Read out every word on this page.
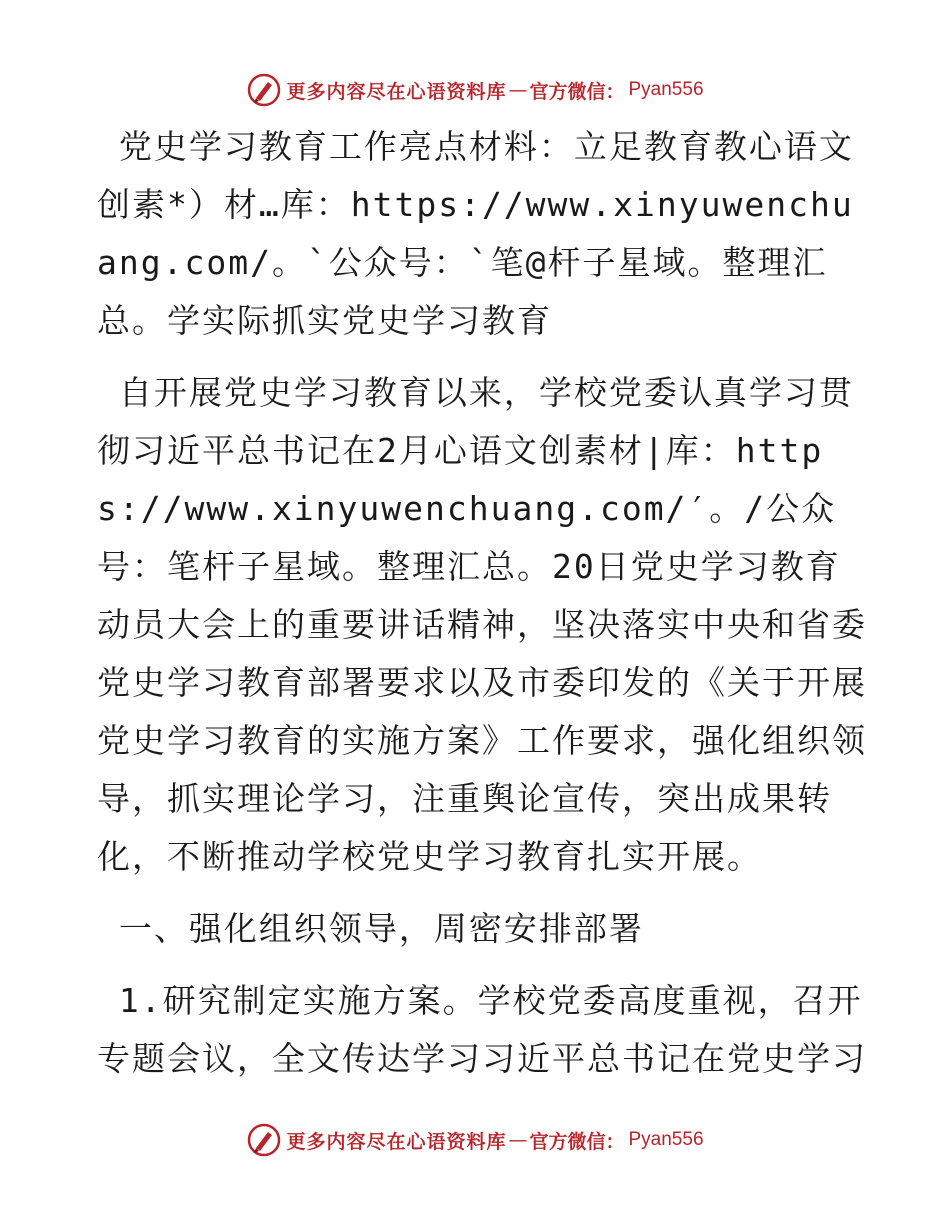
更多内容尽在心语资料库 — 官方微信： Pyan556

党史学习教育工作亮点材料：立足教育教心语文创素*）材…库：https://www.xinyuwenchuang.com/。`公众号：`笔@杆子星域。整理汇总。学实际抓实党史学习教育

自开展党史学习教育以来，学校党委认真学习贯彻习近平总书记在2月心语文创素材|库：https://www.xinyuwenchuang.com/′。/公众号：笔杆子星域。整理汇总。20日党史学习教育动员大会上的重要讲话精神，坚决落实中央和省委党史学习教育部署要求以及市委印发的《关于开展党史学习教育的实施方案》工作要求，强化组织领导，抓实理论学习，注重舆论宣传，突出成果转化，不断推动学校党史学习教育扎实开展。

一、强化组织领导，周密安排部署

1.研究制定实施方案。学校党委高度重视，召开专题会议，全文传达学习习近平总书记在党史学习

更多内容尽在心语资料库 — 官方微信： Pyan556
